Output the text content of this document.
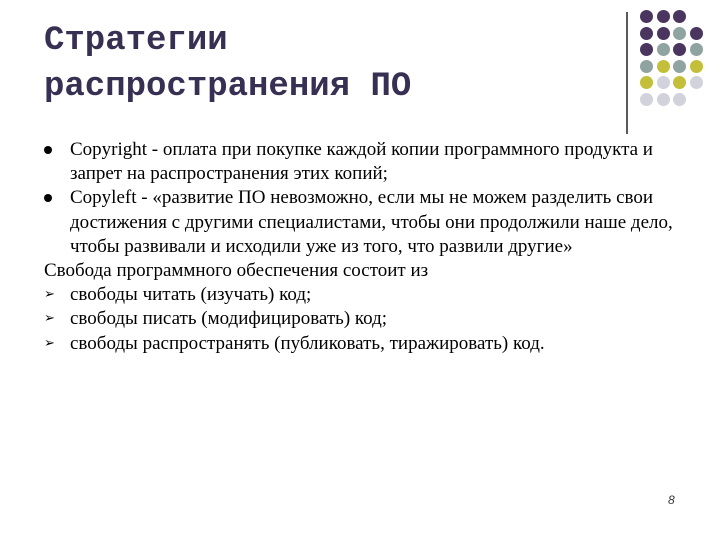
Стратегии
распространения ПО
Copyright - оплата при покупке каждой копии программного продукта и запрет на распространения этих копий;
Copyleft - «развитие ПО невозможно, если мы не можем разделить свои достижения с другими специалистами, чтобы они продолжили наше дело, чтобы развивали и исходили уже из того, что развили другие»
Свобода программного обеспечения состоит из
➢ свободы читать (изучать) код;
➢ свободы писать (модифицировать) код;
➢ свободы распространять (публиковать, тиражировать) код.
8
